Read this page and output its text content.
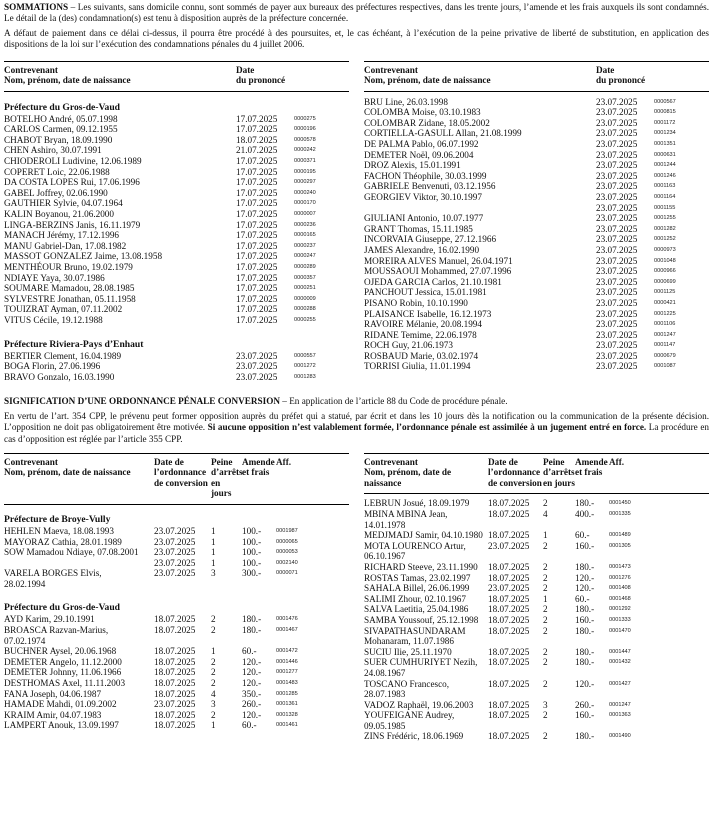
SOMMATIONS – Les suivants, sans domicile connu, sont sommés de payer aux bureaux des préfectures respectives, dans les trente jours, l’amende et les frais auxquels ils sont condamnés. Le détail de la (des) condamnation(s) est tenu à disposition auprès de la préfecture concernée.

A défaut de paiement dans ce délai ci-dessus, il pourra être procédé à des poursuites, et, le cas échéant, à l’exécution de la peine privative de liberté de substitution, en application des dispositions de la loi sur l’exécution des condamnations pénales du 4 juillet 2006.

Contrevenant
Nom, prénom, date de naissance
Date
du prononcé
Préfecture du Gros-de-Vaud
BOTELHO André, 05.07.1998	17.07.2025	0000275
CARLOS Carmen, 09.12.1955	17.07.2025	0000196
CHABOT Bryan, 18.09.1990	18.07.2025	0000578
CHEN Ashiro, 30.07.1991	21.07.2025	0000242
CHIODEROLI Ludivine, 12.06.1989	17.07.2025	0000371
COPERET Loic, 22.06.1988	17.07.2025	0000195
DA COSTA LOPES Rui, 17.06.1996	17.07.2025	0000297
GABEL Joffrey, 02.06.1990	17.07.2025	0000240
GAUTHIER Sylvie, 04.07.1964	17.07.2025	0000170
KALIN Boyanou, 21.06.2000	17.07.2025	0000007
LINGA-BERZINS Janis, 16.11.1979	17.07.2025	0000236
MANACH Jérémy, 17.12.1996	17.07.2025	0000165
MANU Gabriel-Dan, 17.08.1982	17.07.2025	0000237
MASSOT GONZALEZ Jaime, 13.08.1958	17.07.2025	0000247
MENTHÉOUR Bruno, 19.02.1979	17.07.2025	0000289
NDIAYE Yaya, 30.07.1986	17.07.2025	0000357
SOUMARE Mamadou, 28.08.1985	17.07.2025	0000251
SYLVESTRE Jonathan, 05.11.1958	17.07.2025	0000009
TOUIZRAT Ayman, 07.11.2002	17.07.2025	0000288
VITUS Cécile, 19.12.1988	17.07.2025	0000255
Préfecture Riviera-Pays d’Enhaut
BERTIER Clement, 16.04.1989	23.07.2025	0000557
BOGA Florin, 27.06.1996	23.07.2025	0001272
BRAVO Gonzalo, 16.03.1990	23.07.2025	0001283
Contrevenant
Nom, prénom, date de naissance
Date
du prononcé
BRU Line, 26.03.1998	23.07.2025	0000567
COLOMBA Moise, 03.10.1983	23.07.2025	0000815
COLOMBAR Zidane, 18.05.2002	23.07.2025	0001172
CORTIELLA-GASULL Allan, 21.08.1999	23.07.2025	0001234
DE PALMA Pablo, 06.07.1992	23.07.2025	0001351
DEMETER Noël, 09.06.2004	23.07.2025	0000631
DROZ Alexis, 15.01.1991	23.07.2025	0001244
FACHON Théophile, 30.03.1999	23.07.2025	0001246
GABRIELE Benvenuti, 03.12.1956	23.07.2025	0001163
GEORGIEV Viktor, 30.10.1997	23.07.2025	0001164
23.07.2025	0001155
GIULIANI Antonio, 10.07.1977	23.07.2025	0001255
GRANT Thomas, 15.11.1985	23.07.2025	0001282
INCORVAIA Giuseppe, 27.12.1966	23.07.2025	0001252
JAMES Alexandre, 16.02.1990	23.07.2025	0000973
MOREIRA ALVES Manuel, 26.04.1971	23.07.2025	0001048
MOUSSAOUI Mohammed, 27.07.1996	23.07.2025	0000966
OJEDA GARCIA Carlos, 21.10.1981	23.07.2025	0000699
PANCHOUT Jessica, 15.01.1981	23.07.2025	0001125
PISANO Robin, 10.10.1990	23.07.2025	0000421
PLAISANCE Isabelle, 16.12.1973	23.07.2025	0001225
RAVOIRE Mélanie, 20.08.1994	23.07.2025	0001106
RIDANE Temime, 22.06.1978	23.07.2025	0001247
ROCH Guy, 21.06.1973	23.07.2025	0001147
ROSBAUD Marie, 03.02.1974	23.07.2025	0000679
TORRISI Giulia, 11.01.1994	23.07.2025	0001087

SIGNIFICATION D’UNE ORDONNANCE PÉNALE CONVERSION – En application de l’article 88 du Code de procédure pénale.

En vertu de l’art. 354 CPP, le prévenu peut former opposition auprès du préfet qui a statué, par écrit et dans les 10 jours dès la notification ou la communication de la présente décision. L’opposition ne doit pas obligatoirement être motivée. Si aucune opposition n’est valablement formée, l’ordonnance pénale est assimilée à un jugement entré en force. La procédure en cas d’opposition est réglée par l’article 355 CPP.

Contrevenant
Nom, prénom, date de naissance
Date de
l’ordonnance
de conversion
Peine
d’arrêts
en jours
Amende
et frais
Aff.
Préfecture de Broye-Vully
HEHLEN Maeva, 18.08.1993	23.07.2025	1	100.-	0001987
MAYORAZ Cathia, 28.01.1989	23.07.2025	1	100.-	0000065
SOW Mamadou Ndiaye, 07.08.2001	23.07.2025	1	100.-	0000053
23.07.2025	1	100.-	0002140
VARELA BORGES Elvis,
28.02.1994
23.07.2025	3	300.-	0000071
Préfecture du Gros-de-Vaud
AYD Karim, 29.10.1991	18.07.2025	2	180.-	0001476
BROASCA Razvan-Marius,
07.02.1974
18.07.2025	2	180.-	0001467
BUCHNER Aysel, 20.06.1968	18.07.2025	1	60.-	0001472
DEMETER Angelo, 11.12.2000	18.07.2025	2	120.-	0001446
DEMETER Johnny, 11.06.1966	18.07.2025	2	120.-	0001277
DESTHOMAS Axel, 11.11.2003	18.07.2025	2	120.-	0001483
FANA Joseph, 04.06.1987	18.07.2025	4	350.-	0001285
HAMADE Mahdi, 01.09.2002	23.07.2025	3	260.-	0001361
KRAIM Amir, 04.07.1983	18.07.2025	2	120.-	0001328
LAMPERT Anouk, 13.09.1997	18.07.2025	1	60.-	0001461
Contrevenant
Nom, prénom, date de naissance
Date de
l’ordonnance
de conversion
Peine
d’arrêts
en jours
Amende
et frais
Aff.
LEBRUN Josué, 18.09.1979	18.07.2025	2	180.-	0001450
MBINA MBINA Jean, 14.01.1978
18.07.2025	4	400.-	0001335
MEDJMADJ Samir, 04.10.1980 18.07.2025	1	60.-	0001489
MOTA LOURENCO Artur,
06.10.1967
23.07.2025	2	160.-	0001305
RICHARD Steeve, 23.11.1990	18.07.2025	2	180.-	0001473
ROSTAS Tamas, 23.02.1997	18.07.2025	2	120.-	0001276
SAHALA Billel, 26.06.1999	23.07.2025	2	120.-	0001408
SALIMI Zhour, 02.10.1967	18.07.2025	1	60.-	0001468
SALVA Laetitia, 25.04.1986	18.07.2025	2	180.-	0001292
SAMBA Youssouf, 25.12.1998	18.07.2025	2	160.-	0001333
SIVAPATHASUNDARAM
Mohanaram, 11.07.1986
18.07.2025	2	180.-	0001470
SUCIU Ilie, 25.11.1970	18.07.2025	2	180.-	0001447
SUER CUMHURIYET Nezih,
24.08.1967
18.07.2025	2	180.-	0001432
TOSCANO Francesco, 28.07.1983
18.07.2025	2	120.-	0001427
VADOZ Raphaël, 19.06.2003	18.07.2025	3	260.-	0001247
YOUFEIGANE Audrey, 09.05.1985
18.07.2025	2	160.-	0001363
ZINS Frédéric, 18.06.1969	18.07.2025	2	180.-	0001490
